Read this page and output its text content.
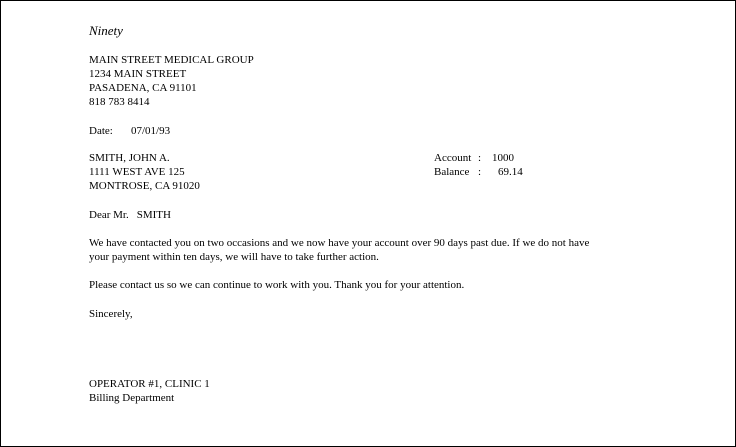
Ninety
MAIN STREET MEDICAL GROUP
1234 MAIN STREET
PASADENA, CA 91101
818 783 8414
Date: 07/01/93
SMITH, JOHN A.
1111 WEST AVE 125
MONTROSE, CA 91020
Account : 1000
Balance : 69.14
Dear Mr. SMITH
We have contacted you on two occasions and we now have your account over 90 days past due. If we do not have
your payment within ten days, we will have to take further action.
Please contact us so we can continue to work with you. Thank you for your attention.
Sincerely,
OPERATOR #1, CLINIC 1
Billing Department
